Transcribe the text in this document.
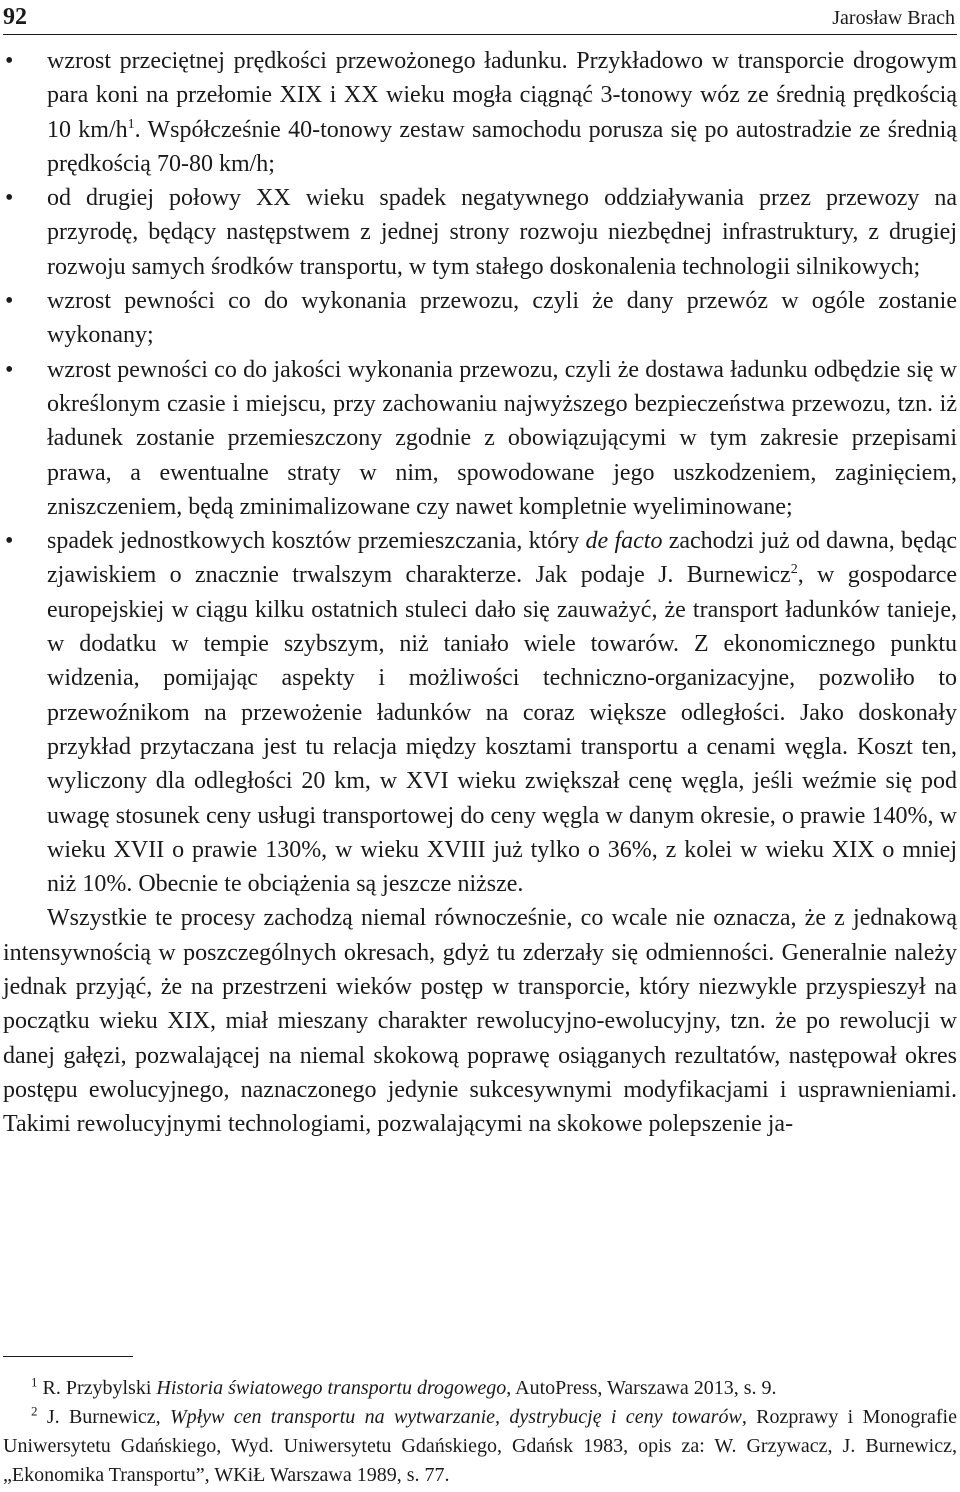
92	Jarosław Brach
•
wzrost przeciętnej prędkości przewożonego ładunku. Przykładowo w transporcie drogowym para koni na przełomie XIX i XX wieku mogła ciągnąć 3-tonowy wóz ze średnią prędkością 10 $km/h^1$. Współcześnie 40-tonowy zestaw samochodu porusza się po autostradzie ze średnią prędkością 70-80 km/h;
•
od drugiej połowy XX wieku spadek negatywnego oddziaływania przez przewozy na przyrodę, będący następstwem z jednej strony rozwoju niezbędnej infrastruktury, z drugiej rozwoju samych środków transportu, w tym stałego doskonalenia technologii silnikowych;
•
wzrost pewności co do wykonania przewozu, czyli że dany przewóz w ogóle zostanie wykonany;
•
wzrost pewności co do jakości wykonania przewozu, czyli że dostawa ładunku odbędzie się w określonym czasie i miejscu, przy zachowaniu najwyższego bezpieczeństwa przewozu, tzn. iż ładunek zostanie przemieszczony zgodnie z obowiązującymi w tym zakresie przepisami prawa, a ewentualne straty w nim, spowodowane jego uszkodzeniem, zaginięciem, zniszczeniem, będą zminimalizowane czy nawet kompletnie wyeliminowane;
•
spadek jednostkowych kosztów przemieszczania, który de facto zachodzi już od dawna, będąc zjawiskiem o znacznie trwalszym charakterze. Jak podaje J. Burnewicz$^2$, w gospodarce europejskiej w ciągu kilku ostatnich stuleci dało się zauważyć, że transport ładunków tanieje, w dodatku w tempie szybszym, niż taniało wiele towarów. Z ekonomicznego punktu widzenia, pomijając aspekty i możliwości techniczno-organizacyjne, pozwoliło to przewoźnikom na przewożenie ładunków na coraz większe odległości. Jako doskonały przykład przytaczana jest tu relacja między kosztami transportu a cenami węgla. Koszt ten, wyliczony dla odległości 20 km, w XVI wieku zwiększał cenę węgla, jeśli weźmie się pod uwagę stosunek ceny usługi transportowej do ceny węgla w danym okresie, o prawie 140%, w wieku XVII o prawie 130%, w wieku XVIII już tylko o 36%, z kolei w wieku XIX o mniej niż 10%. Obecnie te obciążenia są jeszcze niższe.

Wszystkie te procesy zachodzą niemal równocześnie, co wcale nie oznacza, że z jednakową intensywnością w poszczególnych okresach, gdyż tu zderzały się odmienności. Generalnie należy jednak przyjąć, że na przestrzeni wieków postęp w transporcie, który niezwykle przyspieszył na początku wieku XIX, miał mieszany charakter rewolucyjno-ewolucyjny, tzn. że po rewolucji w danej gałęzi, pozwalającej na niemal skokową poprawę osiąganych rezultatów, następował okres postępu ewolucyjnego, naznaczonego jedynie sukcesywnymi modyfikacjami i usprawnieniami. Takimi rewolucyjnymi technologiami, pozwalającymi na skokowe polepszenie ja-

$^1$ R. Przybylski Historia światowego transportu drogowego, AutoPress, Warszawa 2013, s. 9.

$^2$ J. Burnewicz, Wpływ cen transportu na wytwarzanie, dystrybucję i ceny towarów, Rozprawy i Monografie Uniwersytetu Gdańskiego, Wyd. Uniwersytetu Gdańskiego, Gdańsk 1983, opis za: W. Grzywacz, J. Burnewicz, „Ekonomika Transportu”, WKiŁ Warszawa 1989, s. 77.
